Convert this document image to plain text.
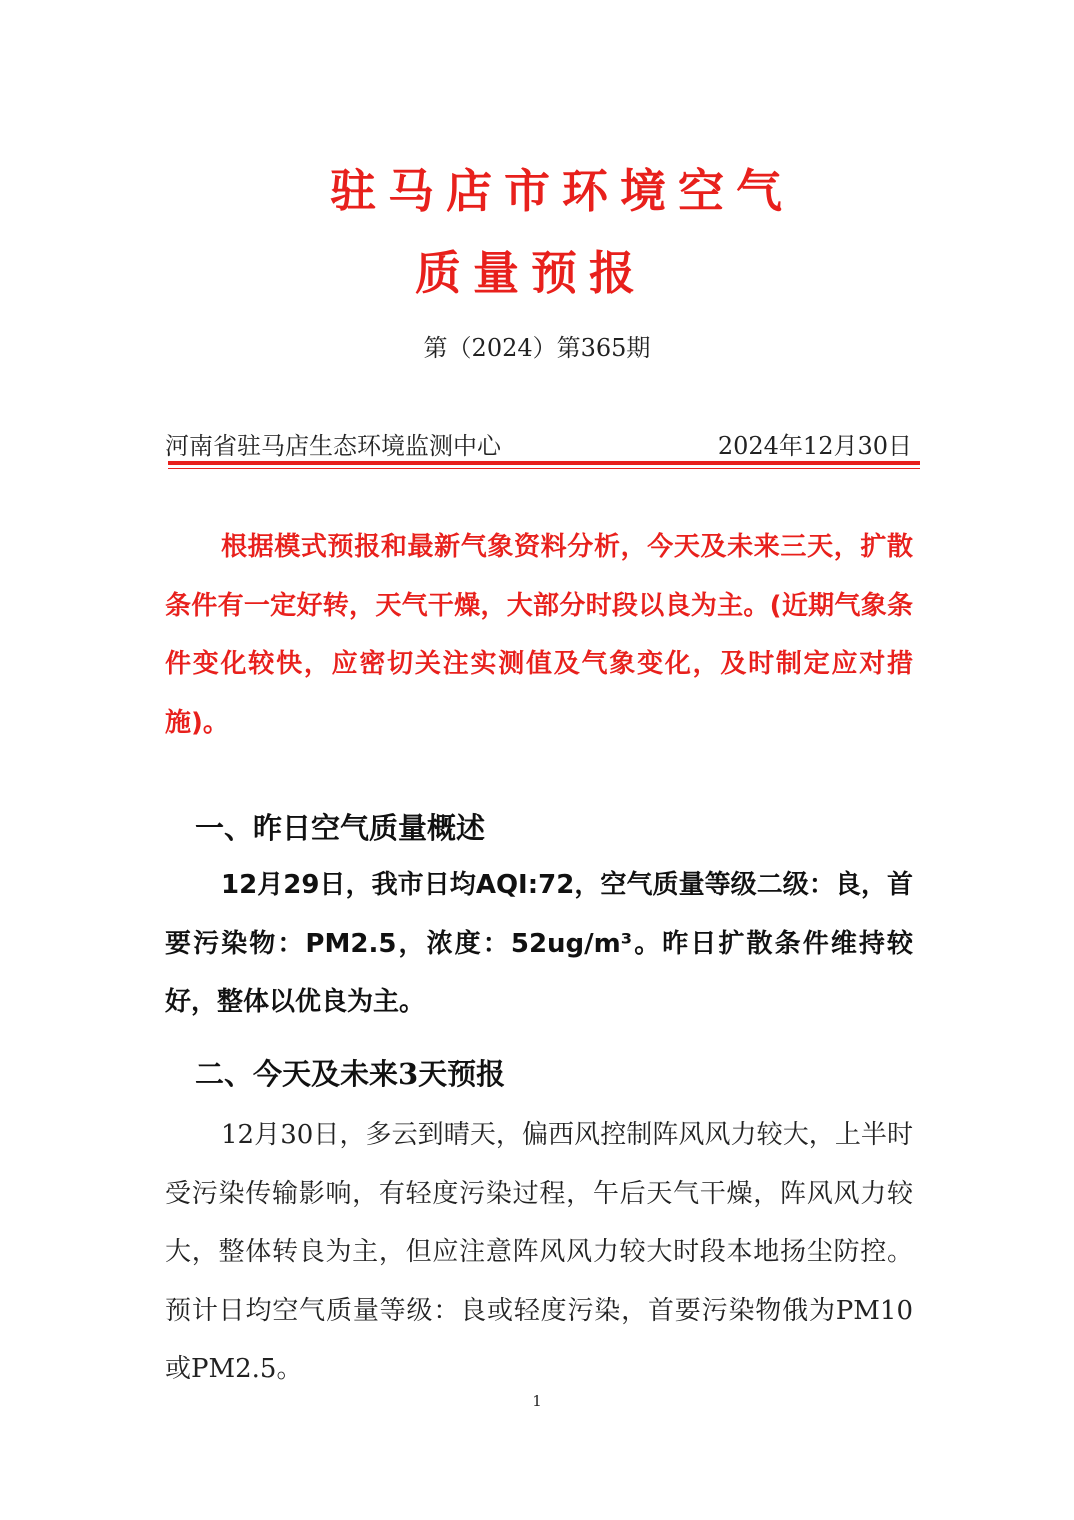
驻马店市环境空气
质量预报
第（2024）第365期
河南省驻马店生态环境监测中心	2024年12月30日

根据模式预报和最新气象资料分析，今天及未来三天，扩散条件有一定好转，天气干燥，大部分时段以良为主。(近期气象条件变化较快，应密切关注实测值及气象变化，及时制定应对措施)。

一、昨日空气质量概述

12月29日，我市日均AQI:72，空气质量等级二级：良，首要污染物：PM2.5，浓度：52ug/m³。昨日扩散条件维持较好，整体以优良为主。

二、今天及未来3天预报

12月30日，多云到晴天，偏西风控制阵风风力较大，上半时受污染传输影响，有轻度污染过程，午后天气干燥，阵风风力较大，整体转良为主，但应注意阵风风力较大时段本地扬尘防控。预计日均空气质量等级：良或轻度污染，首要污染物俄为PM10或PM2.5。

1
